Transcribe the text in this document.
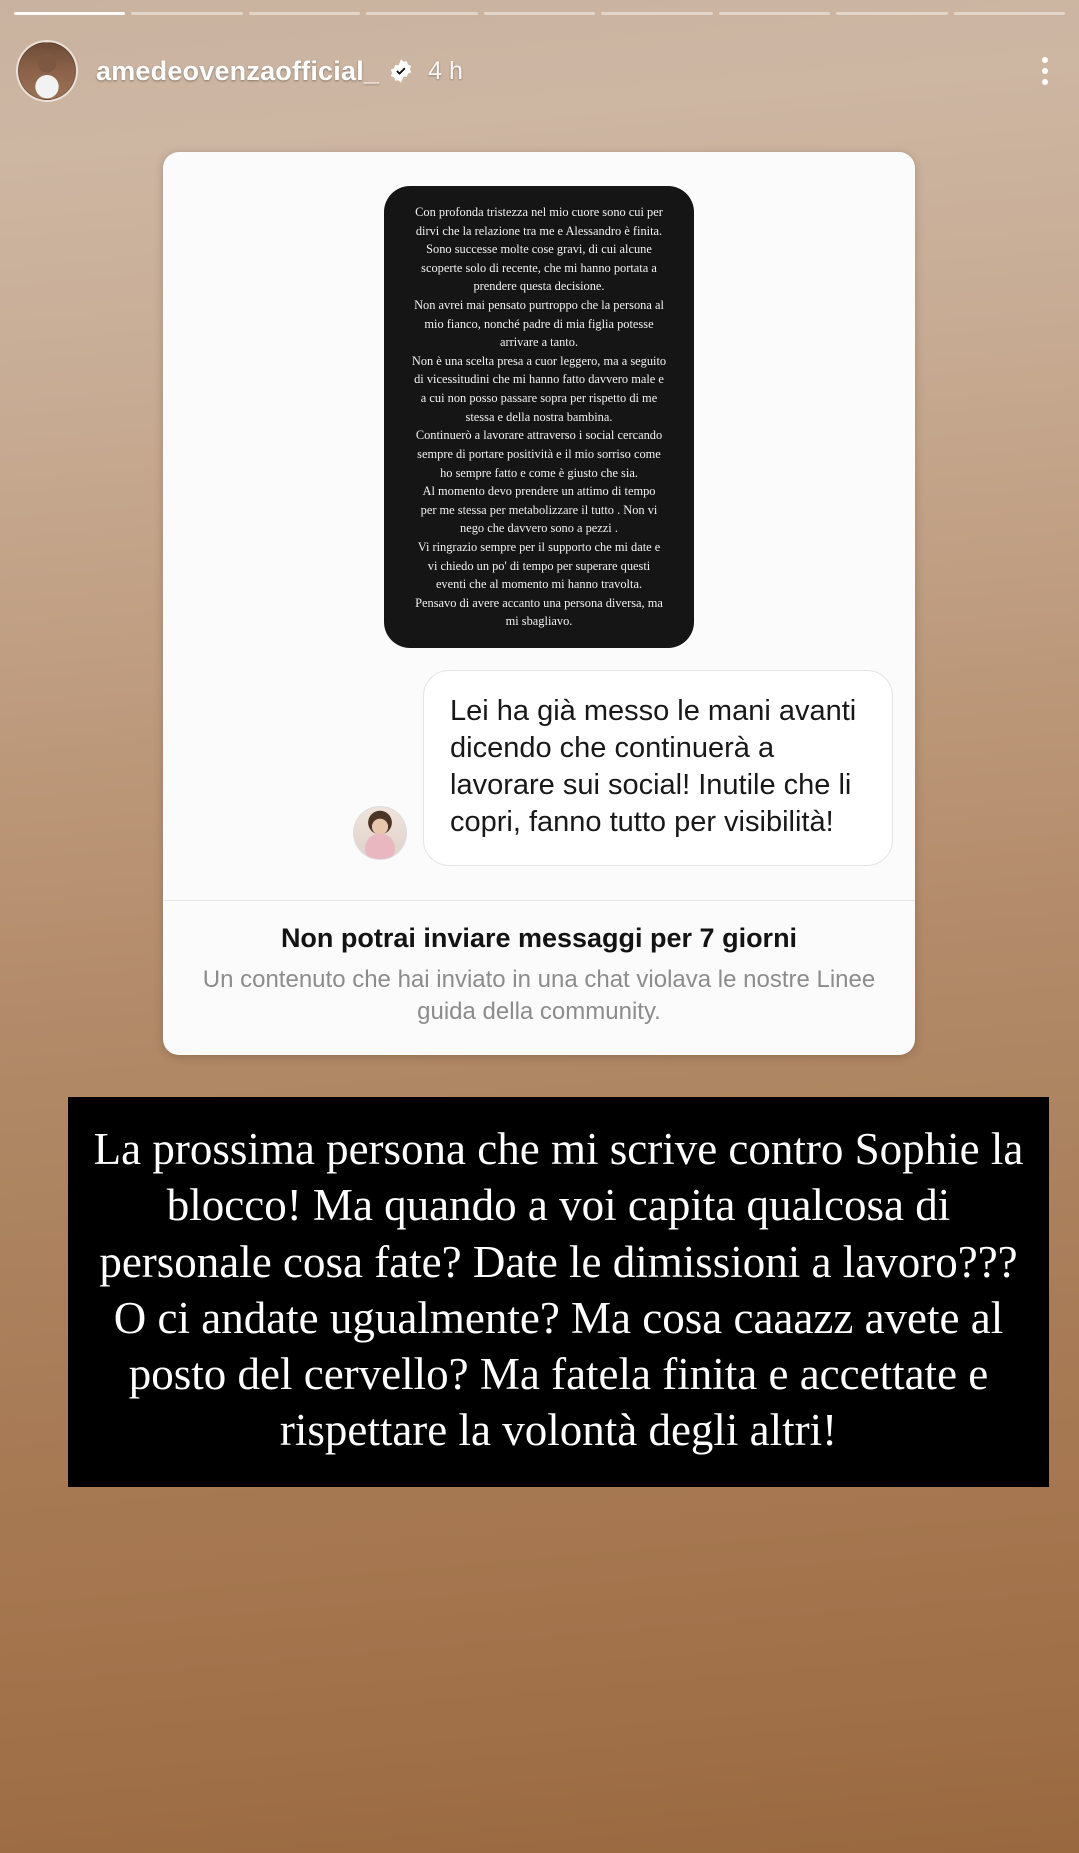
amedeovenzaofficial_ 4 h

Con profonda tristezza nel mio cuore sono cui per

dirvi che la relazione tra me e Alessandro è finita.

Sono successe molte cose gravi, di cui alcune

scoperte solo di recente, che mi hanno portata a

prendere questa decisione.

Non avrei mai pensato purtroppo che la persona al

mio fianco, nonché padre di mia figlia potesse

arrivare a tanto.

Non è una scelta presa a cuor leggero, ma a seguito

di vicessitudini che mi hanno fatto davvero male e

a cui non posso passare sopra per rispetto di me

stessa e della nostra bambina.

Continuerò a lavorare attraverso i social cercando

sempre di portare positività e il mio sorriso come

ho sempre fatto e come è giusto che sia.

Al momento devo prendere un attimo di tempo

per me stessa per metabolizzare il tutto . Non vi

nego che davvero sono a pezzi .

Vi ringrazio sempre per il supporto che mi date e

vi chiedo un po' di tempo per superare questi

eventi che al momento mi hanno travolta.

Pensavo di avere accanto una persona diversa, ma

mi sbagliavo.

Lei ha già messo le mani avanti dicendo che continuerà a lavorare sui social! Inutile che li copri, fanno tutto per visibilità!
Non potrai inviare messaggi per 7 giorni
Un contenuto che hai inviato in una chat violava le nostre Linee guida della community.
La prossima persona che mi scrive contro Sophie la blocco! Ma quando a voi capita qualcosa di personale cosa fate? Date le dimissioni a lavoro??? O ci andate ugualmente? Ma cosa caaazz avete al posto del cervello? Ma fatela finita e accettate e rispettare la volontà degli altri!
